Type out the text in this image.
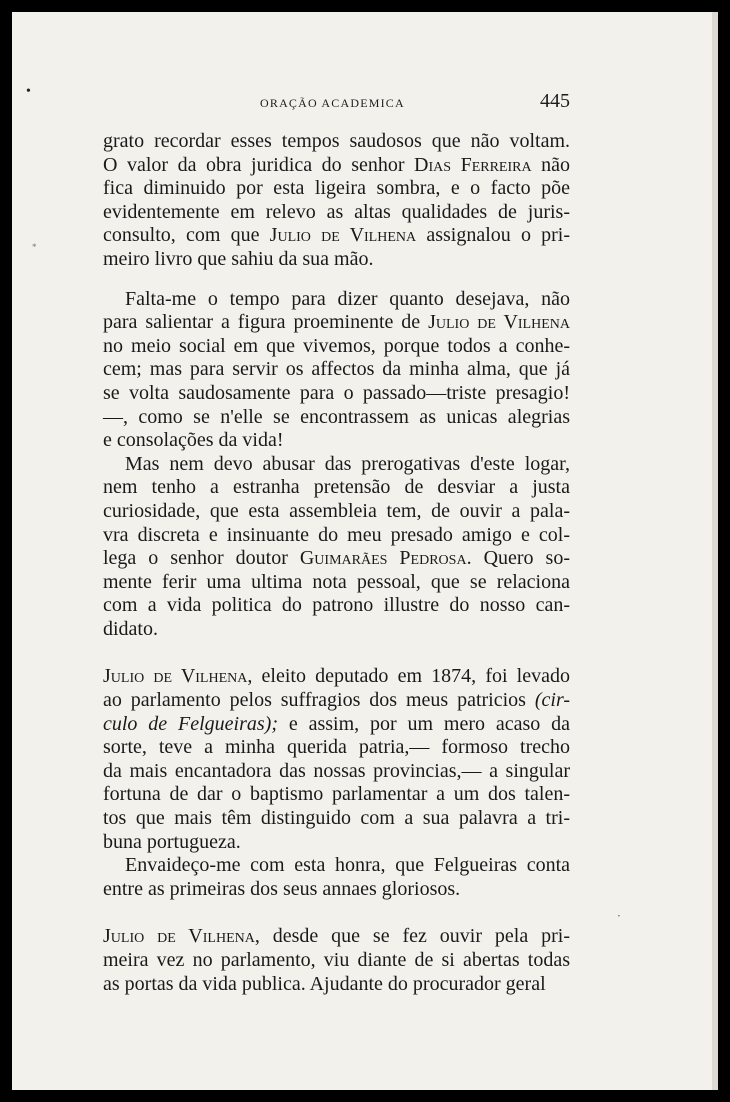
•
*
•
ORAÇÃO ACADEMICA	445
grato recordar esses tempos saudosos que não voltam.
O valor da obra juridica do senhor Dias Ferreira não
fica diminuido por esta ligeira sombra, e o facto põe
evidentemente em relevo as altas qualidades de juris-
consulto, com que Julio de Vilhena assignalou o pri-
meiro livro que sahiu da sua mão.
Falta-me o tempo para dizer quanto desejava, não
para salientar a figura proeminente de Julio de Vilhena
no meio social em que vivemos, porque todos a conhe-
cem; mas para servir os affectos da minha alma, que já
se volta saudosamente para o passado—triste presagio!
—, como se n'elle se encontrassem as unicas alegrias
e consolações da vida!
Mas nem devo abusar das prerogativas d'este logar,
nem tenho a estranha pretensão de desviar a justa
curiosidade, que esta assembleia tem, de ouvir a pala-
vra discreta e insinuante do meu presado amigo e col-
lega o senhor doutor Guimarães Pedrosa. Quero so-
mente ferir uma ultima nota pessoal, que se relaciona
com a vida politica do patrono illustre do nosso can-
didato.
Julio de Vilhena, eleito deputado em 1874, foi levado
ao parlamento pelos suffragios dos meus patricios (cir-
culo de Felgueiras); e assim, por um mero acaso da
sorte, teve a minha querida patria,— formoso trecho
da mais encantadora das nossas provincias,— a singular
fortuna de dar o baptismo parlamentar a um dos talen-
tos que mais têm distinguido com a sua palavra a tri-
buna portugueza.
Envaideço-me com esta honra, que Felgueiras conta
entre as primeiras dos seus annaes gloriosos.
Julio de Vilhena, desde que se fez ouvir pela pri-
meira vez no parlamento, viu diante de si abertas todas
as portas da vida publica. Ajudante do procurador geral
